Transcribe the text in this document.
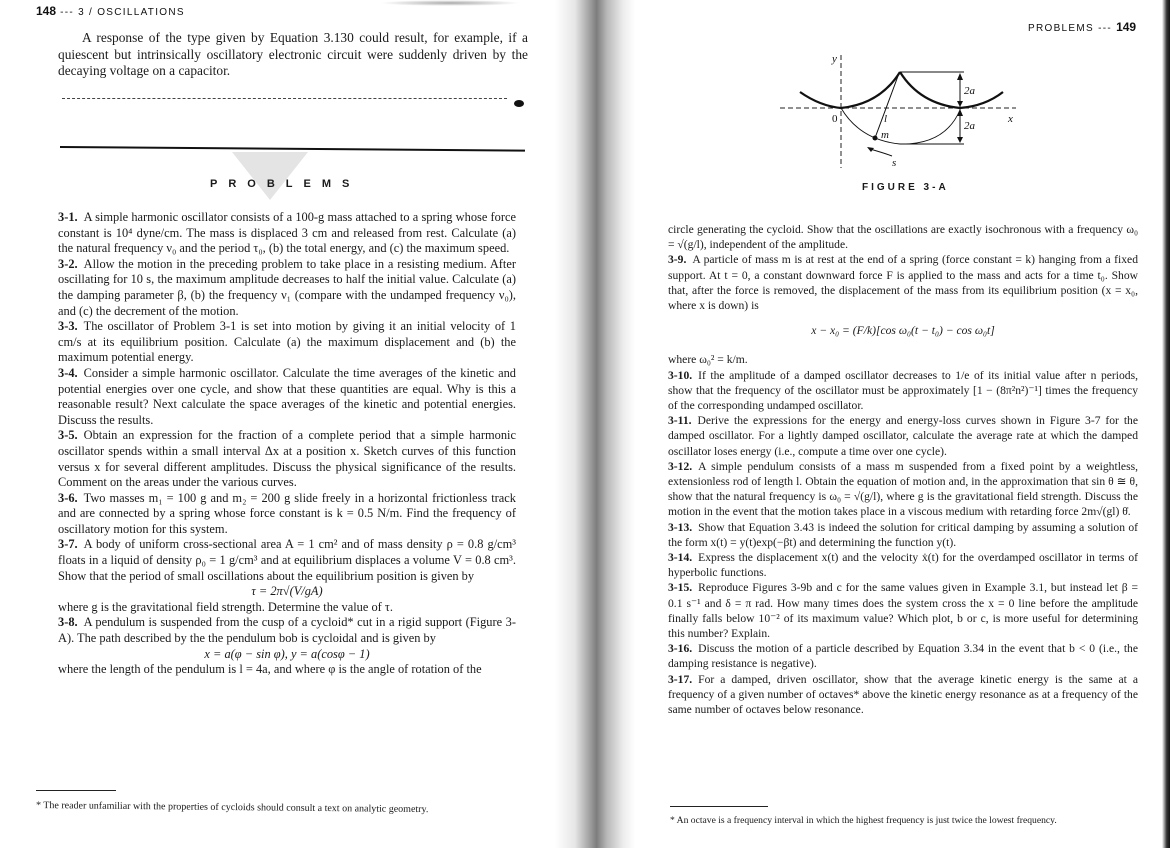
148 --- 3 / OSCILLATIONS
A response of the type given by Equation 3.130 could result, for example, if a quiescent but intrinsically oscillatory electronic circuit were suddenly driven by the decaying voltage on a capacitor.
PROBLEMS

3-1. A simple harmonic oscillator consists of a 100-g mass attached to a spring whose force constant is 10⁴ dyne/cm. The mass is displaced 3 cm and released from rest. Calculate (a) the natural frequency ν₀ and the period τ₀, (b) the total energy, and (c) the maximum speed.

3-2. Allow the motion in the preceding problem to take place in a resisting medium. After oscillating for 10 s, the maximum amplitude decreases to half the initial value. Calculate (a) the damping parameter β, (b) the frequency ν₁ (compare with the undamped frequency ν₀), and (c) the decrement of the motion.

3-3. The oscillator of Problem 3-1 is set into motion by giving it an initial velocity of 1 cm/s at its equilibrium position. Calculate (a) the maximum displacement and (b) the maximum potential energy.

3-4. Consider a simple harmonic oscillator. Calculate the time averages of the kinetic and potential energies over one cycle, and show that these quantities are equal. Why is this a reasonable result? Next calculate the space averages of the kinetic and potential energies. Discuss the results.

3-5. Obtain an expression for the fraction of a complete period that a simple harmonic oscillator spends within a small interval Δx at a position x. Sketch curves of this function versus x for several different amplitudes. Discuss the physical significance of the results. Comment on the areas under the various curves.

3-6. Two masses m₁ = 100 g and m₂ = 200 g slide freely in a horizontal frictionless track and are connected by a spring whose force constant is k = 0.5 N/m. Find the frequency of oscillatory motion for this system.

3-7. A body of uniform cross-sectional area A = 1 cm² and of mass density ρ = 0.8 g/cm³ floats in a liquid of density ρ₀ = 1 g/cm³ and at equilibrium displaces a volume V = 0.8 cm³. Show that the period of small oscillations about the equilibrium position is given by

τ = 2π√(V/gA)

where g is the gravitational field strength. Determine the value of τ.

3-8. A pendulum is suspended from the cusp of a cycloid* cut in a rigid support (Figure 3-A). The path described by the the pendulum bob is cycloidal and is given by

x = a(φ − sin φ), y = a(cosφ − 1)

where the length of the pendulum is l = 4a, and where φ is the angle of rotation of the

* The reader unfamiliar with the properties of cycloids should consult a text on analytic geometry.
PROBLEMS --- 149
y
x
0	l
m
s
2a
2a
FIGURE 3-A

circle generating the cycloid. Show that the oscillations are exactly isochronous with a frequency ω₀ = √(g/l), independent of the amplitude.

3-9. A particle of mass m is at rest at the end of a spring (force constant = k) hanging from a fixed support. At t = 0, a constant downward force F is applied to the mass and acts for a time t₀. Show that, after the force is removed, the displacement of the mass from its equilibrium position (x = x₀, where x is down) is

x − x₀ = (F/k)[cos ω₀(t − t₀) − cos ω₀t]

where ω₀² = k/m.

3-10. If the amplitude of a damped oscillator decreases to 1/e of its initial value after n periods, show that the frequency of the oscillator must be approximately [1 − (8π²n²)⁻¹] times the frequency of the corresponding undamped oscillator.

3-11. Derive the expressions for the energy and energy-loss curves shown in Figure 3-7 for the damped oscillator. For a lightly damped oscillator, calculate the average rate at which the damped oscillator loses energy (i.e., compute a time over one cycle).

3-12. A simple pendulum consists of a mass m suspended from a fixed point by a weightless, extensionless rod of length l. Obtain the equation of motion and, in the approximation that sin θ ≅ θ, show that the natural frequency is ω₀ = √(g/l), where g is the gravitational field strength. Discuss the motion in the event that the motion takes place in a viscous medium with retarding force 2m√(gl) θ̇.

3-13. Show that Equation 3.43 is indeed the solution for critical damping by assuming a solution of the form x(t) = y(t)exp(−βt) and determining the function y(t).

3-14. Express the displacement x(t) and the velocity ẋ(t) for the overdamped oscillator in terms of hyperbolic functions.

3-15. Reproduce Figures 3-9b and c for the same values given in Example 3.1, but instead let β = 0.1 s⁻¹ and δ = π rad. How many times does the system cross the x = 0 line before the amplitude finally falls below 10⁻² of its maximum value? Which plot, b or c, is more useful for determining this number? Explain.

3-16. Discuss the motion of a particle described by Equation 3.34 in the event that b < 0 (i.e., the damping resistance is negative).

3-17. For a damped, driven oscillator, show that the average kinetic energy is the same at a frequency of a given number of octaves* above the kinetic energy resonance as at a frequency of the same number of octaves below resonance.

* An octave is a frequency interval in which the highest frequency is just twice the lowest frequency.
